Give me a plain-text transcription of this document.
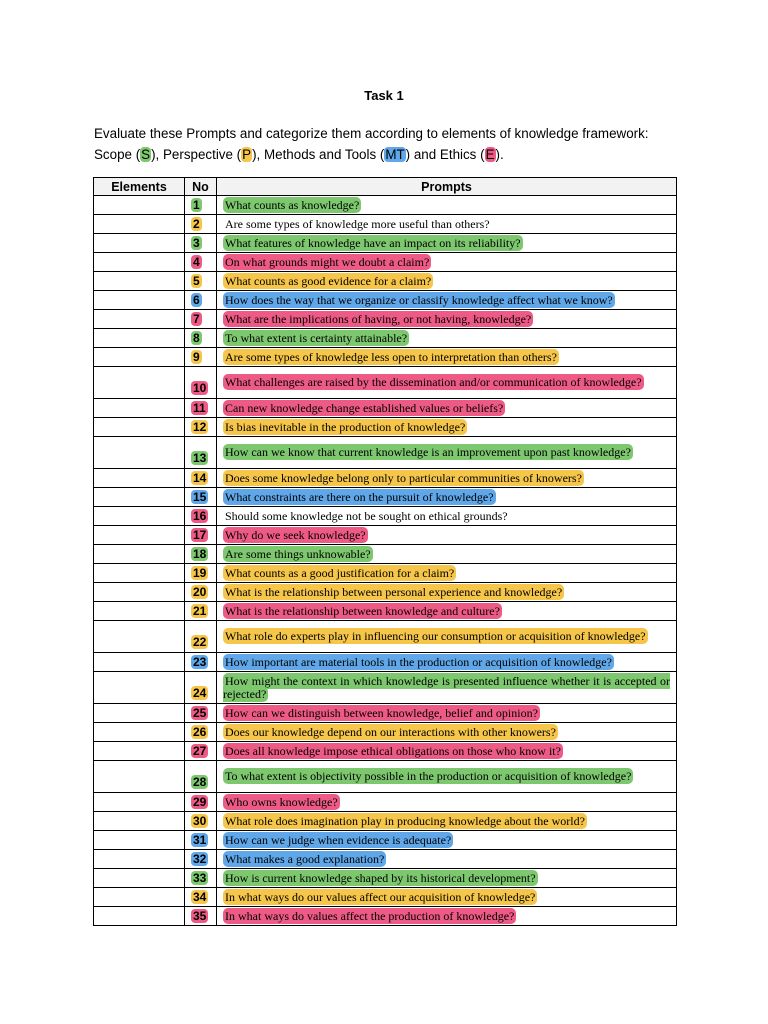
Task 1
Evaluate these Prompts and categorize them according to elements of knowledge framework:
Scope (S), Perspective (P), Methods and Tools (MT) and Ethics (E).
Elements	No	Prompts
	1	What counts as knowledge?
	2	Are some types of knowledge more useful than others?
	3	What features of knowledge have an impact on its reliability?
	4	On what grounds might we doubt a claim?
	5	What counts as good evidence for a claim?
	6	How does the way that we organize or classify knowledge affect what we know?
	7	What are the implications of having, or not having, knowledge?
	8	To what extent is certainty attainable?
	9	Are some types of knowledge less open to interpretation than others?
	10	What challenges are raised by the dissemination and/or communication of knowledge?
	11	Can new knowledge change established values or beliefs?
	12	Is bias inevitable in the production of knowledge?
	13	How can we know that current knowledge is an improvement upon past knowledge?
	14	Does some knowledge belong only to particular communities of knowers?
	15	What constraints are there on the pursuit of knowledge?
	16	Should some knowledge not be sought on ethical grounds?
	17	Why do we seek knowledge?
	18	Are some things unknowable?
	19	What counts as a good justification for a claim?
	20	What is the relationship between personal experience and knowledge?
	21	What is the relationship between knowledge and culture?
	22	What role do experts play in influencing our consumption or acquisition of knowledge?
	23	How important are material tools in the production or acquisition of knowledge?
	24	How might the context in which knowledge is presented influence whether it is accepted or rejected?
	25	How can we distinguish between knowledge, belief and opinion?
	26	Does our knowledge depend on our interactions with other knowers?
	27	Does all knowledge impose ethical obligations on those who know it?
	28	To what extent is objectivity possible in the production or acquisition of knowledge?
	29	Who owns knowledge?
	30	What role does imagination play in producing knowledge about the world?
	31	How can we judge when evidence is adequate?
	32	What makes a good explanation?
	33	How is current knowledge shaped by its historical development?
	34	In what ways do our values affect our acquisition of knowledge?
	35	In what ways do values affect the production of knowledge?
